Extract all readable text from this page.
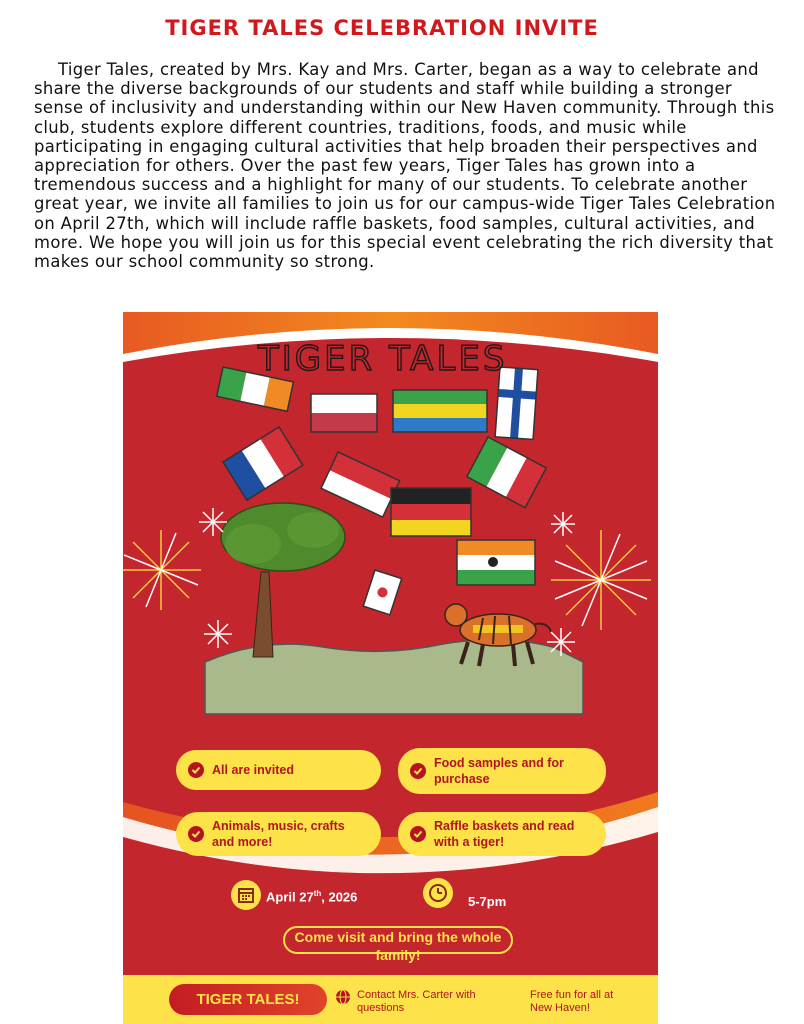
TIGER TALES CELEBRATION INVITE

Tiger Tales, created by Mrs. Kay and Mrs. Carter, began as a way to celebrate and share the diverse backgrounds of our students and staff while building a stronger sense of inclusivity and understanding within our New Haven community. Through this club, students explore different countries, traditions, foods, and music while participating in engaging cultural activities that help broaden their perspectives and appreciation for others. Over the past few years, Tiger Tales has grown into a tremendous success and a highlight for many of our students. To celebrate another great year, we invite all families to join us for our campus-wide Tiger Tales Celebration on April 27th, which will include raffle baskets, food samples, cultural activities, and more. We hope you will join us for this special event celebrating the rich diversity that makes our school community so strong.

TIGER TALES
All are invited	Food samples and for purchase
Animals, music, crafts and more!
Raffle baskets and read with a tiger!
April 27th, 2026	5-7pm
Come visit and bring the whole family!
TIGER TALES!	Contact Mrs. Carter with questions
Free fun for all at New Haven!
